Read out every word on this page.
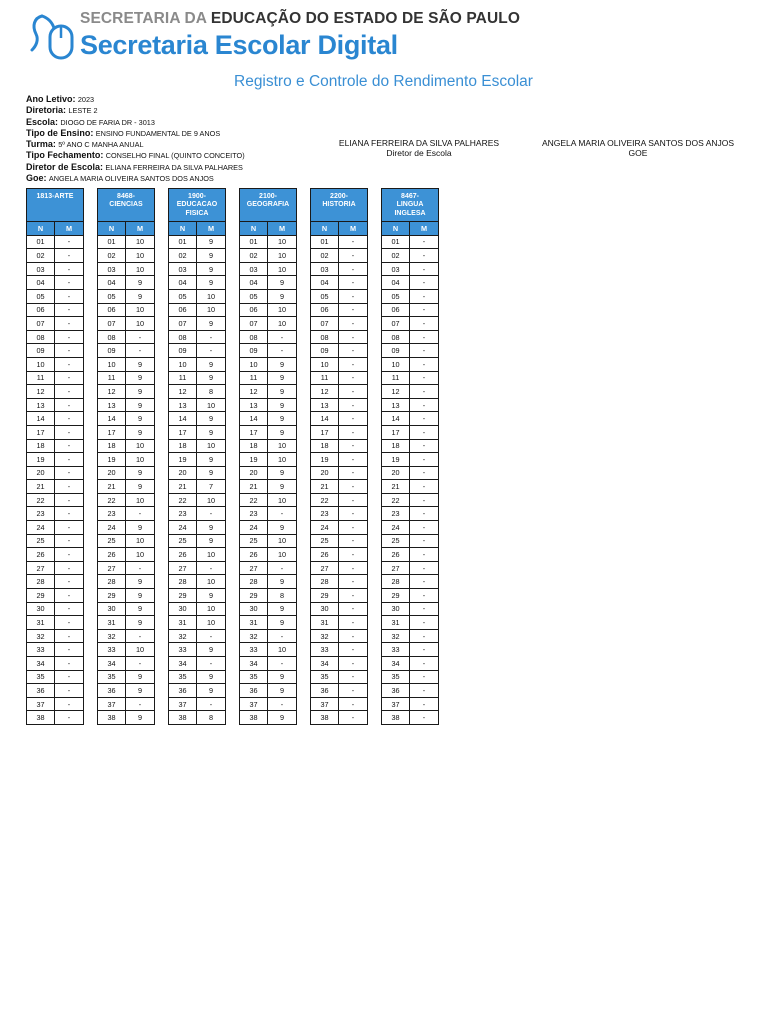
SECRETARIA DA EDUCAÇÃO DO ESTADO DE SÃO PAULO
Secretaria Escolar Digital
Registro e Controle do Rendimento Escolar
Ano Letivo: 2023
Diretoria: LESTE 2
Escola: DIOGO DE FARIA DR - 3013
Tipo de Ensino: ENSINO FUNDAMENTAL DE 9 ANOS
Turma: 5º ANO C MANHA ANUAL
Tipo Fechamento: CONSELHO FINAL (QUINTO CONCEITO)
Diretor de Escola: ELIANA FERREIRA DA SILVA PALHARES
Goe: ANGELA MARIA OLIVEIRA SANTOS DOS ANJOS
ELIANA FERREIRA DA SILVA PALHARES
Diretor de Escola
ANGELA MARIA OLIVEIRA SANTOS DOS ANJOS
GOE
1813-ARTE			8468-
CIENCIAS			1900-
EDUCACAO
FISICA			2100-
GEOGRAFIA			2200-
HISTORIA			8467-
LINGUA
INGLESA	
N	M		N	M		N	M		N	M		N	M		N	M
01	-		01	10		01	9		01	10		01	-		01	-
02	-		02	10		02	9		02	10		02	-		02	-
03	-		03	10		03	9		03	10		03	-		03	-
04	-		04	9		04	9		04	9		04	-		04	-
05	-		05	9		05	10		05	9		05	-		05	-
06	-		06	10		06	10		06	10		06	-		06	-
07	-		07	10		07	9		07	10		07	-		07	-
08	-		08	-		08	-		08	-		08	-		08	-
09	-		09	-		09	-		09	-		09	-		09	-
10	-		10	9		10	9		10	9		10	-		10	-
11	-		11	9		11	9		11	9		11	-		11	-
12	-		12	9		12	8		12	9		12	-		12	-
13	-		13	9		13	10		13	9		13	-		13	-
14	-		14	9		14	9		14	9		14	-		14	-
17	-		17	9		17	9		17	9		17	-		17	-
18	-		18	10		18	10		18	10		18	-		18	-
19	-		19	10		19	9		19	10		19	-		19	-
20	-		20	9		20	9		20	9		20	-		20	-
21	-		21	9		21	7		21	9		21	-		21	-
22	-		22	10		22	10		22	10		22	-		22	-
23	-		23	-		23	-		23	-		23	-		23	-
24	-		24	9		24	9		24	9		24	-		24	-
25	-		25	10		25	9		25	10		25	-		25	-
26	-		26	10		26	10		26	10		26	-		26	-
27	-		27	-		27	-		27	-		27	-		27	-
28	-		28	9		28	10		28	9		28	-		28	-
29	-		29	9		29	9		29	8		29	-		29	-
30	-		30	9		30	10		30	9		30	-		30	-
31	-		31	9		31	10		31	9		31	-		31	-
32	-		32	-		32	-		32	-		32	-		32	-
33	-		33	10		33	9		33	10		33	-		33	-
34	-		34	-		34	-		34	-		34	-		34	-
35	-		35	9		35	9		35	9		35	-		35	-
36	-		36	9		36	9		36	9		36	-		36	-
37	-		37	-		37	-		37	-		37	-		37	-
38	-		38	9		38	8		38	9		38	-		38	-
